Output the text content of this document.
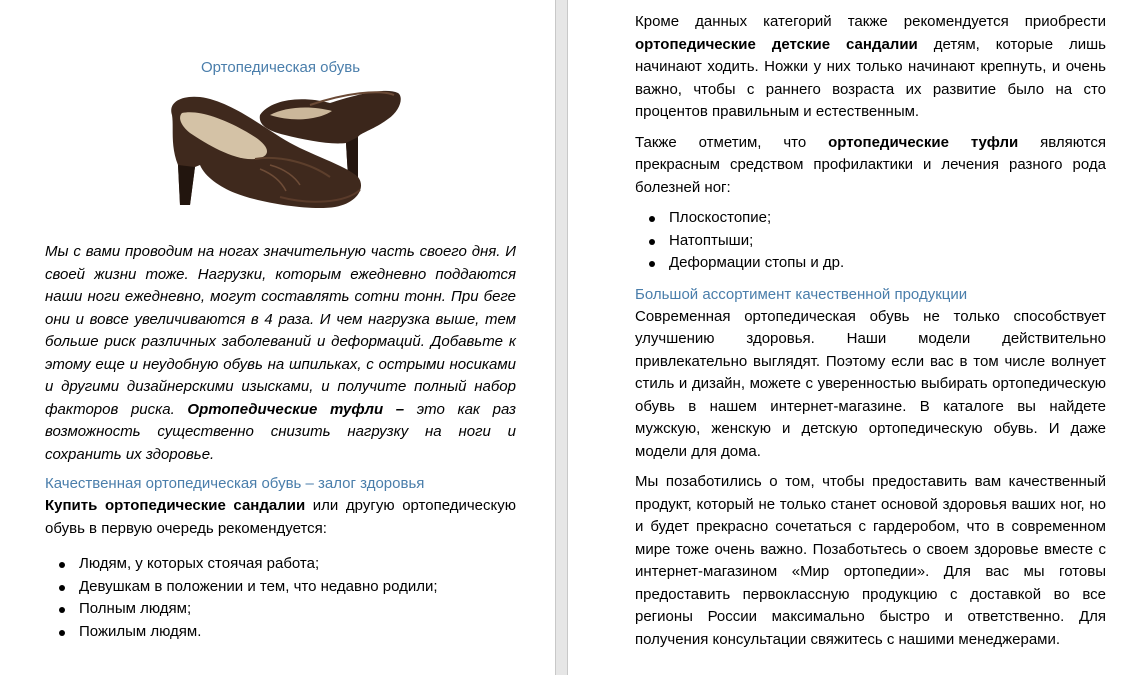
Ортопедическая обувь

Мы с вами проводим на ногах значительную часть своего дня. И своей жизни тоже. Нагрузки, которым ежедневно поддаются наши ноги ежедневно, могут составлять сотни тонн. При беге они и вовсе увеличиваются в 4 раза. И чем нагрузка выше, тем больше риск различных заболеваний и деформаций. Добавьте к этому еще и неудобную обувь на шпильках, с острыми носиками и другими дизайнерскими изысками, и получите полный набор факторов риска. Ортопедические туфли – это как раз возможность существенно снизить нагрузку на ноги и сохранить их здоровье.

Качественная ортопедическая обувь – залог здоровья

Купить ортопедические сандалии или другую ортопедическую обувь в первую очередь рекомендуется:

Людям, у которых стоячая работа;
Девушкам в положении и тем, что недавно родили;
Полным людям;
Пожилым людям.

Кроме данных категорий также рекомендуется приобрести ортопедические детские сандалии детям, которые лишь начинают ходить. Ножки у них только начинают крепнуть, и очень важно, чтобы с раннего возраста их развитие было на сто процентов правильным и естественным.

Также отметим, что ортопедические туфли являются прекрасным средством профилактики и лечения разного рода болезней ног:

Плоскостопие;
Натоптыши;
Деформации стопы и др.

Большой ассортимент качественной продукции

Современная ортопедическая обувь не только способствует улучшению здоровья. Наши модели действительно привлекательно выглядят. Поэтому если вас в том числе волнует стиль и дизайн, можете с уверенностью выбирать ортопедическую обувь в нашем интернет-магазине. В каталоге вы найдете мужскую, женскую и детскую ортопедическую обувь. И даже модели для дома.

Мы позаботились о том, чтобы предоставить вам качественный продукт, который не только станет основой здоровья ваших ног, но и будет прекрасно сочетаться с гардеробом, что в современном мире тоже очень важно. Позаботьтесь о своем здоровье вместе с интернет-магазином «Мир ортопедии». Для вас мы готовы предоставить первоклассную продукцию с доставкой во все регионы России максимально быстро и ответственно. Для получения консультации свяжитесь с нашими менеджерами.
